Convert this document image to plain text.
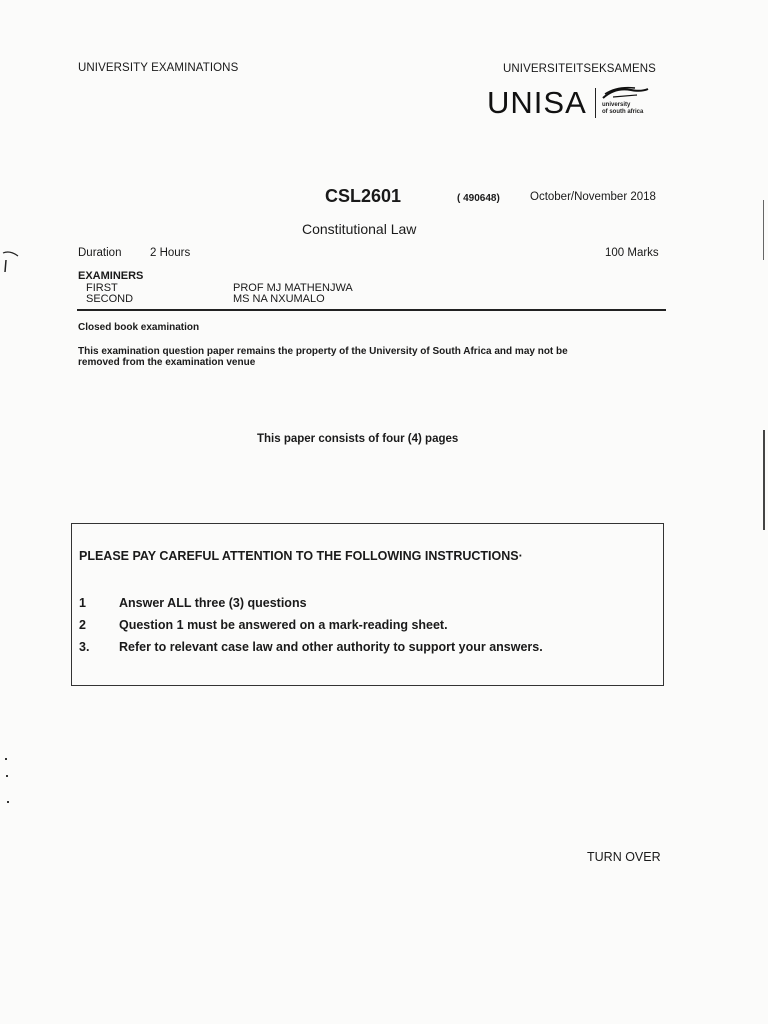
UNIVERSITY EXAMINATIONS	UNIVERSITEITSEKSAMENS
UNISA	university
of south africa
CSL2601	( 490648)	October/November 2018
Constitutional Law
Duration 2 Hours	100 Marks
EXAMINERS
FIRST	PROF MJ MATHENJWA
SECOND	MS NA NXUMALO
Closed book examination
This examination question paper remains the property of the University of South Africa and may not be
removed from the examination venue
This paper consists of four (4) pages
PLEASE PAY CAREFUL ATTENTION TO THE FOLLOWING INSTRUCTIONS·
1	Answer ALL three (3) questions
2	Question 1 must be answered on a mark-reading sheet.
3. Refer to relevant case law and other authority to support your answers.
TURN OVER
